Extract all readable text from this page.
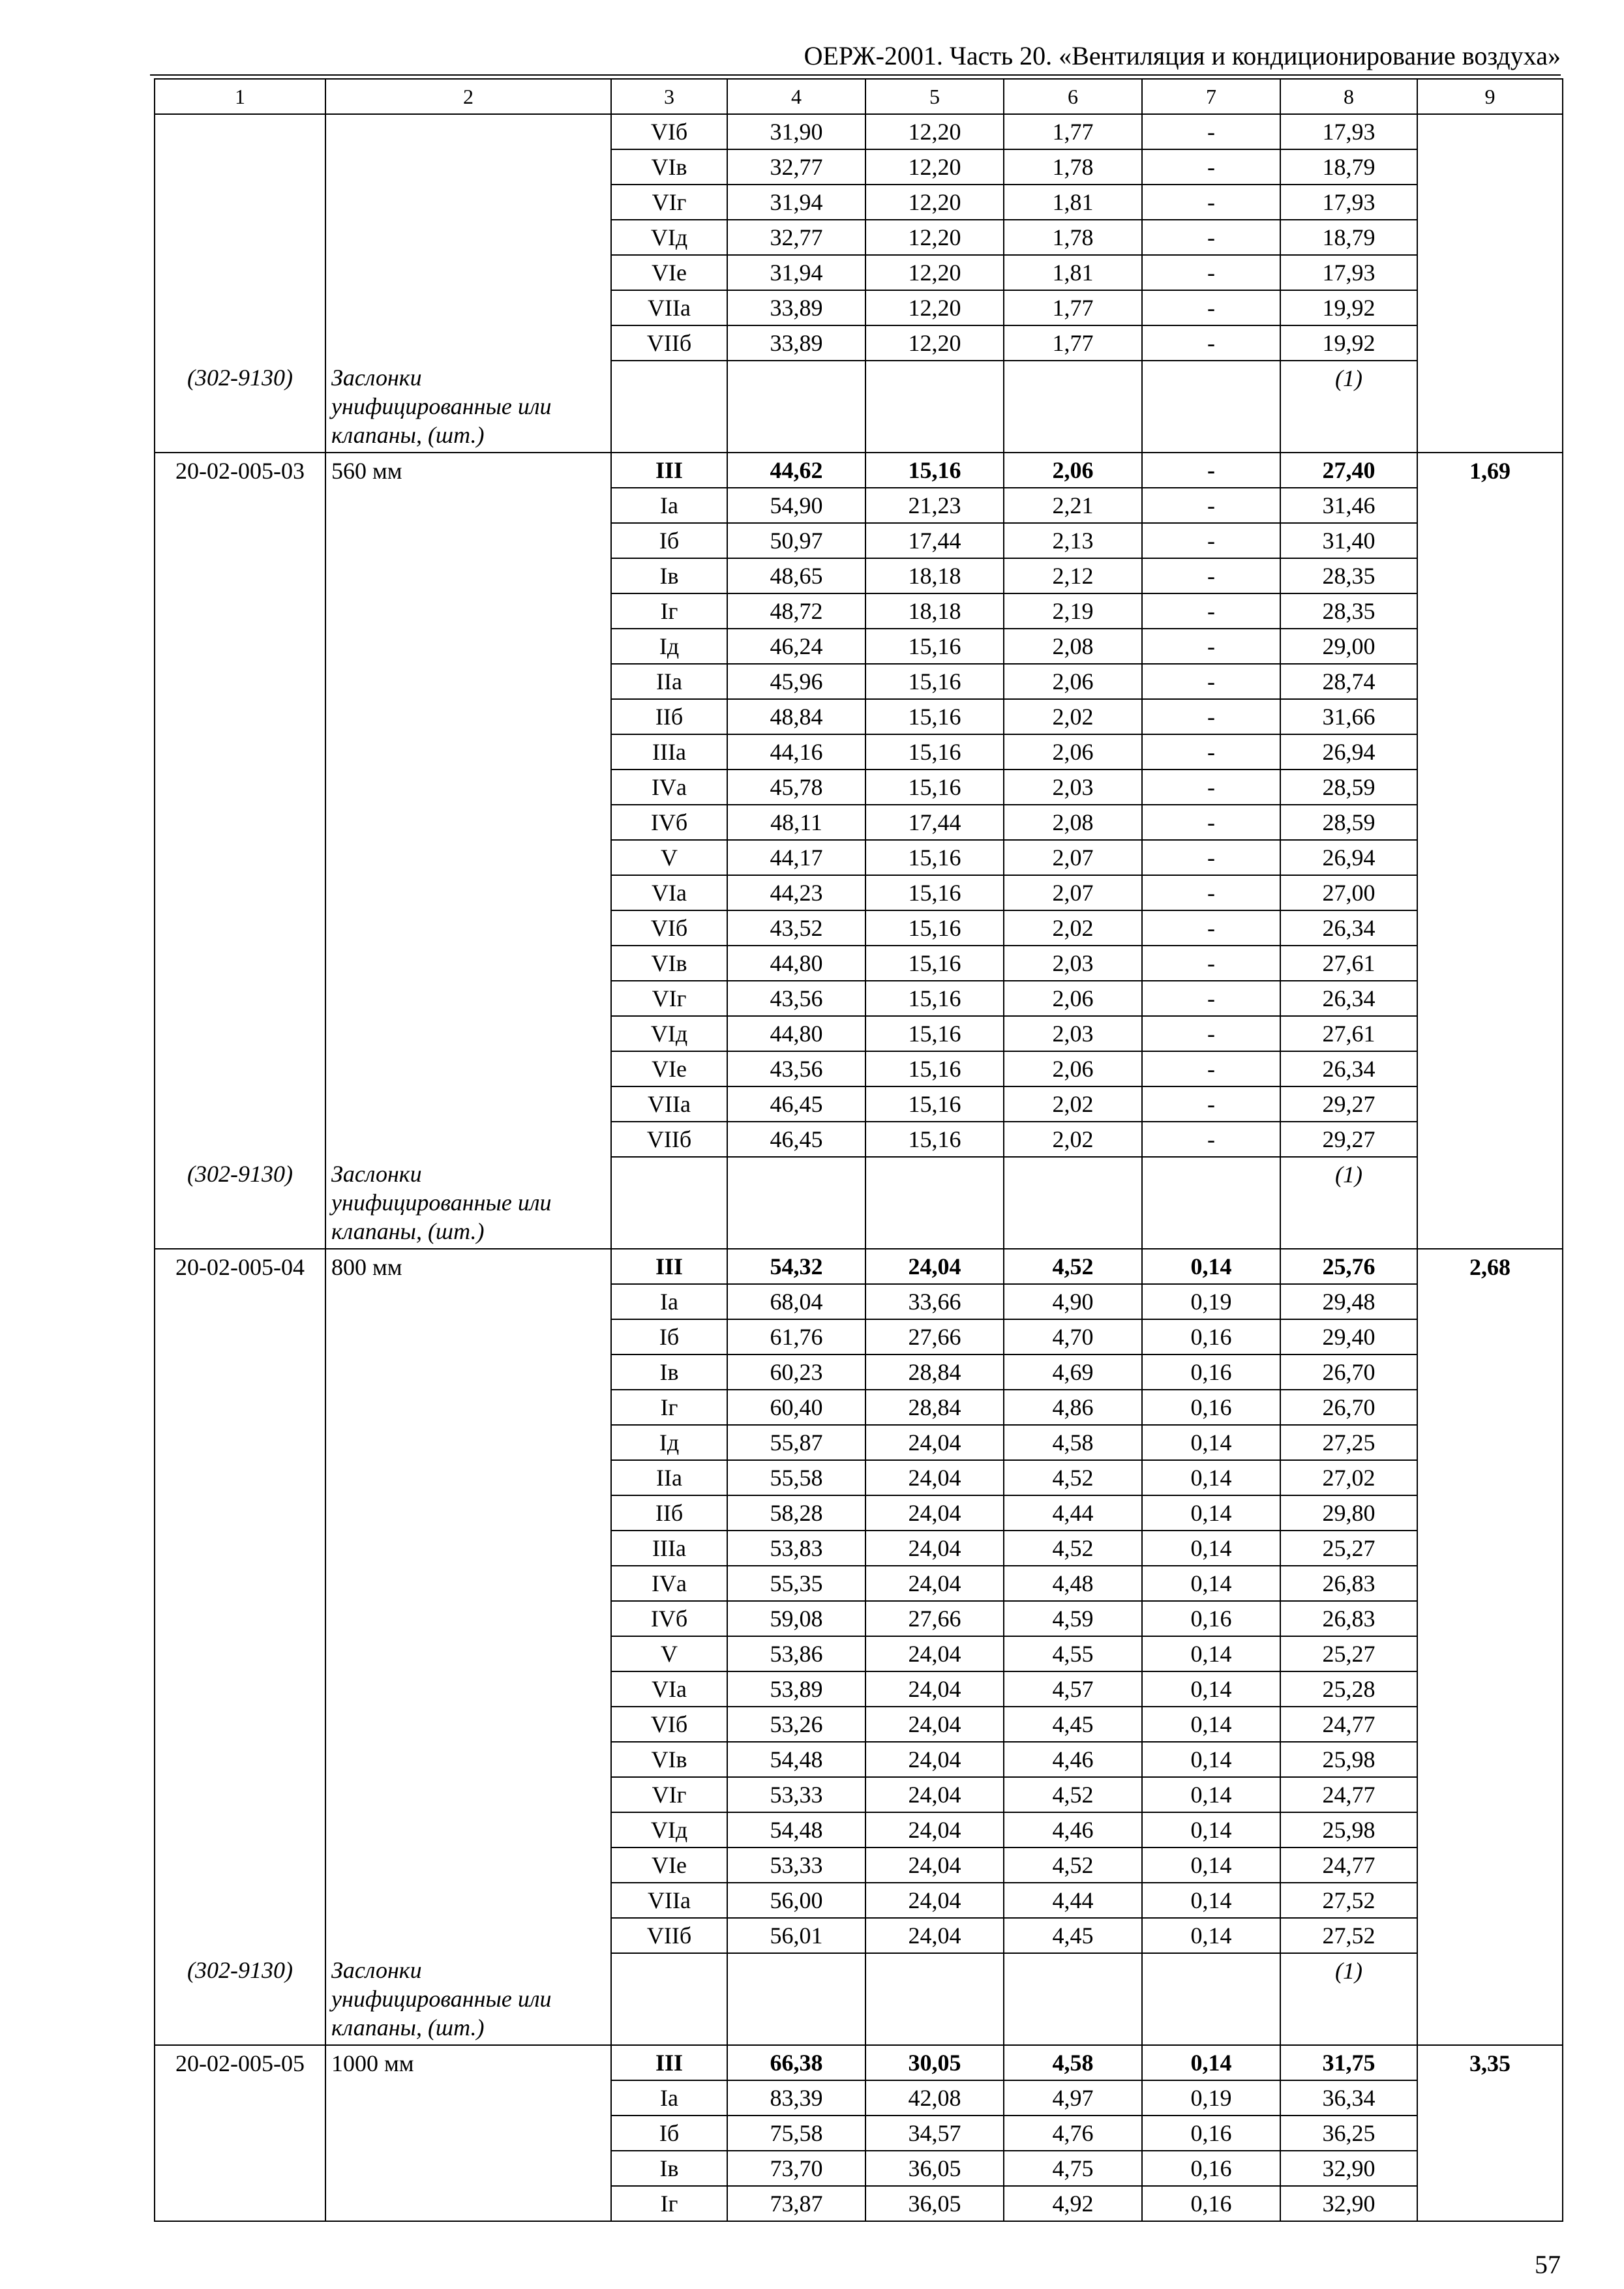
ОЕРЖ-2001. Часть 20. «Вентиляция и кондиционирование воздуха»
1	2	3	4	5	6	7	8	9
		VIб	31,90	12,20	1,77	-	17,93	
		VIв	32,77	12,20	1,78	-	18,79	
		VIг	31,94	12,20	1,81	-	17,93	
		VIд	32,77	12,20	1,78	-	18,79	
		VIе	31,94	12,20	1,81	-	17,93	
		VIIа	33,89	12,20	1,77	-	19,92	
		VIIб	33,89	12,20	1,77	-	19,92	
(302-9130)	Заслонки унифицированные или клапаны, (шт.)						(1)	
20-02-005-03	560 мм	III	44,62	15,16	2,06	-	27,40	1,69
		Iа	54,90	21,23	2,21	-	31,46	
		Iб	50,97	17,44	2,13	-	31,40	
		Iв	48,65	18,18	2,12	-	28,35	
		Iг	48,72	18,18	2,19	-	28,35	
		Iд	46,24	15,16	2,08	-	29,00	
		IIа	45,96	15,16	2,06	-	28,74	
		IIб	48,84	15,16	2,02	-	31,66	
		IIIа	44,16	15,16	2,06	-	26,94	
		IVа	45,78	15,16	2,03	-	28,59	
		IVб	48,11	17,44	2,08	-	28,59	
		V	44,17	15,16	2,07	-	26,94	
		VIа	44,23	15,16	2,07	-	27,00	
		VIб	43,52	15,16	2,02	-	26,34	
		VIв	44,80	15,16	2,03	-	27,61	
		VIг	43,56	15,16	2,06	-	26,34	
		VIд	44,80	15,16	2,03	-	27,61	
		VIе	43,56	15,16	2,06	-	26,34	
		VIIа	46,45	15,16	2,02	-	29,27	
		VIIб	46,45	15,16	2,02	-	29,27	
(302-9130)	Заслонки унифицированные или клапаны, (шт.)						(1)	
20-02-005-04	800 мм	III	54,32	24,04	4,52	0,14	25,76	2,68
		Iа	68,04	33,66	4,90	0,19	29,48	
		Iб	61,76	27,66	4,70	0,16	29,40	
		Iв	60,23	28,84	4,69	0,16	26,70	
		Iг	60,40	28,84	4,86	0,16	26,70	
		Iд	55,87	24,04	4,58	0,14	27,25	
		IIа	55,58	24,04	4,52	0,14	27,02	
		IIб	58,28	24,04	4,44	0,14	29,80	
		IIIа	53,83	24,04	4,52	0,14	25,27	
		IVа	55,35	24,04	4,48	0,14	26,83	
		IVб	59,08	27,66	4,59	0,16	26,83	
		V	53,86	24,04	4,55	0,14	25,27	
		VIа	53,89	24,04	4,57	0,14	25,28	
		VIб	53,26	24,04	4,45	0,14	24,77	
		VIв	54,48	24,04	4,46	0,14	25,98	
		VIг	53,33	24,04	4,52	0,14	24,77	
		VIд	54,48	24,04	4,46	0,14	25,98	
		VIе	53,33	24,04	4,52	0,14	24,77	
		VIIа	56,00	24,04	4,44	0,14	27,52	
		VIIб	56,01	24,04	4,45	0,14	27,52	
(302-9130)	Заслонки унифицированные или клапаны, (шт.)						(1)	
20-02-005-05	1000 мм	III	66,38	30,05	4,58	0,14	31,75	3,35
		Iа	83,39	42,08	4,97	0,19	36,34	
		Iб	75,58	34,57	4,76	0,16	36,25	
		Iв	73,70	36,05	4,75	0,16	32,90	
		Iг	73,87	36,05	4,92	0,16	32,90	
57
